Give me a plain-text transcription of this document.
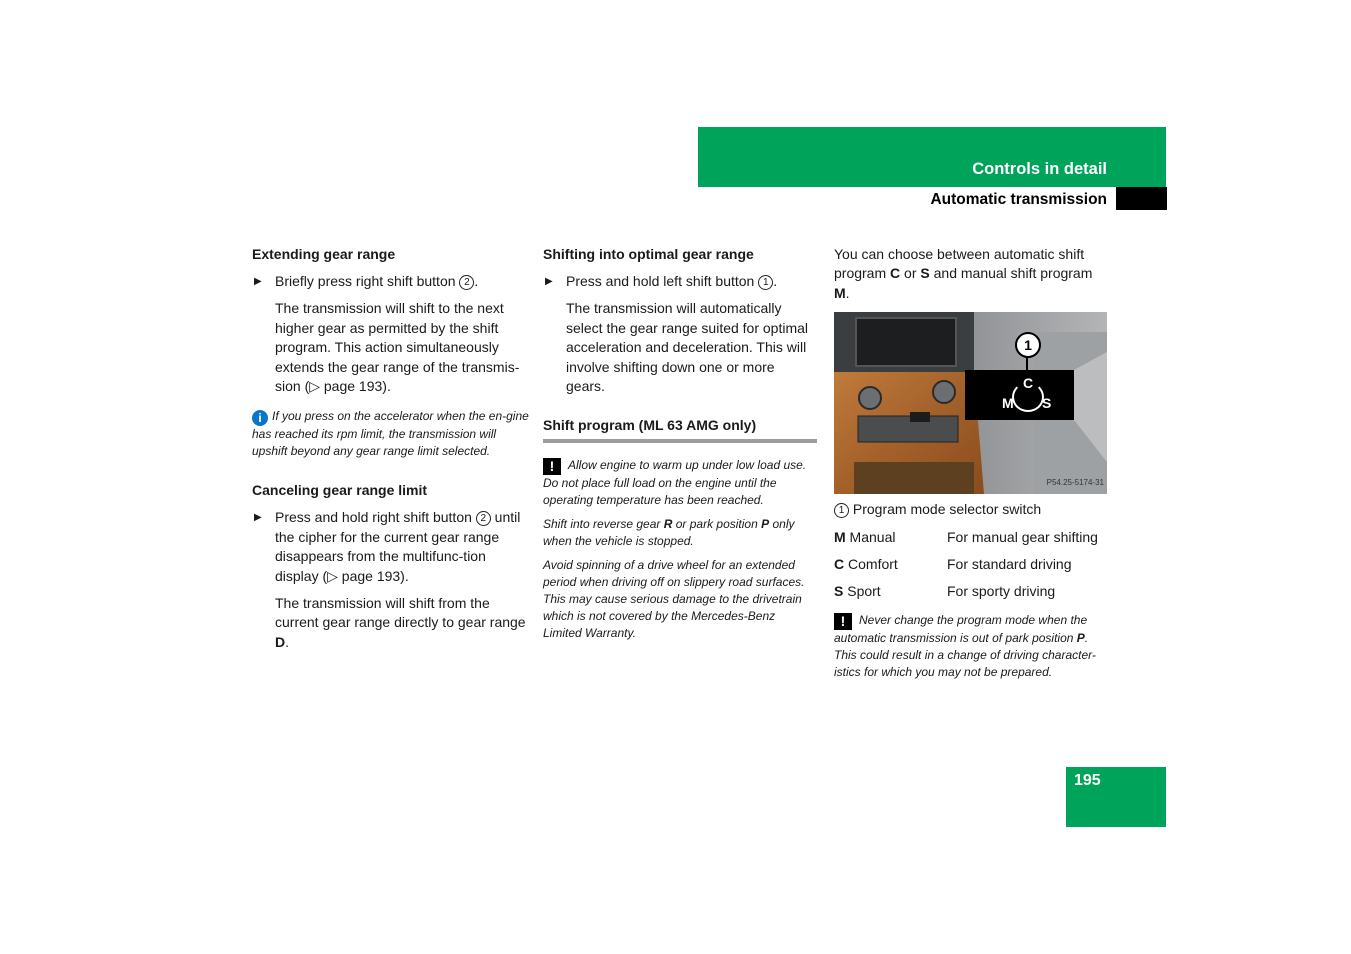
Controls in detail
Automatic transmission
Extending gear range

▶ Briefly press right shift button 2 .

The transmission will shift to the next higher gear as permitted by the shift program. This action simultaneously extends the gear range of the transmis-sion (▷ page 193).

i If you press on the accelerator when the en-gine has reached its rpm limit, the transmission will upshift beyond any gear range limit selected.
Canceling gear range limit

▶ Press and hold right shift button 2 until the cipher for the current gear range disappears from the multifunc-tion display (▷ page 193).

The transmission will shift from the current gear range directly to gear range D.

Shifting into optimal gear range

▶ Press and hold left shift button 1 .

The transmission will automatically select the gear range suited for optimal acceleration and deceleration. This will involve shifting down one or more gears.

Shift program (ML 63 AMG only)
! Allow engine to warm up under low load use. Do not place full load on the engine until the operating temperature has been reached.
Shift into reverse gear R or park position P only when the vehicle is stopped.
Avoid spinning of a drive wheel for an extended period when driving off on slippery road surfaces. This may cause serious damage to the drivetrain which is not covered by the Mercedes-Benz Limited Warranty.

You can choose between automatic shift program C or S and manual shift program M.

1
C
M S
P54.25-5174-31

1 Program mode selector switch

M Manual	For manual gear shifting
C Comfort	For standard driving
S Sport	For sporty driving
! Never change the program mode when the automatic transmission is out of park position P. This could result in a change of driving character-istics for which you may not be prepared.
195
